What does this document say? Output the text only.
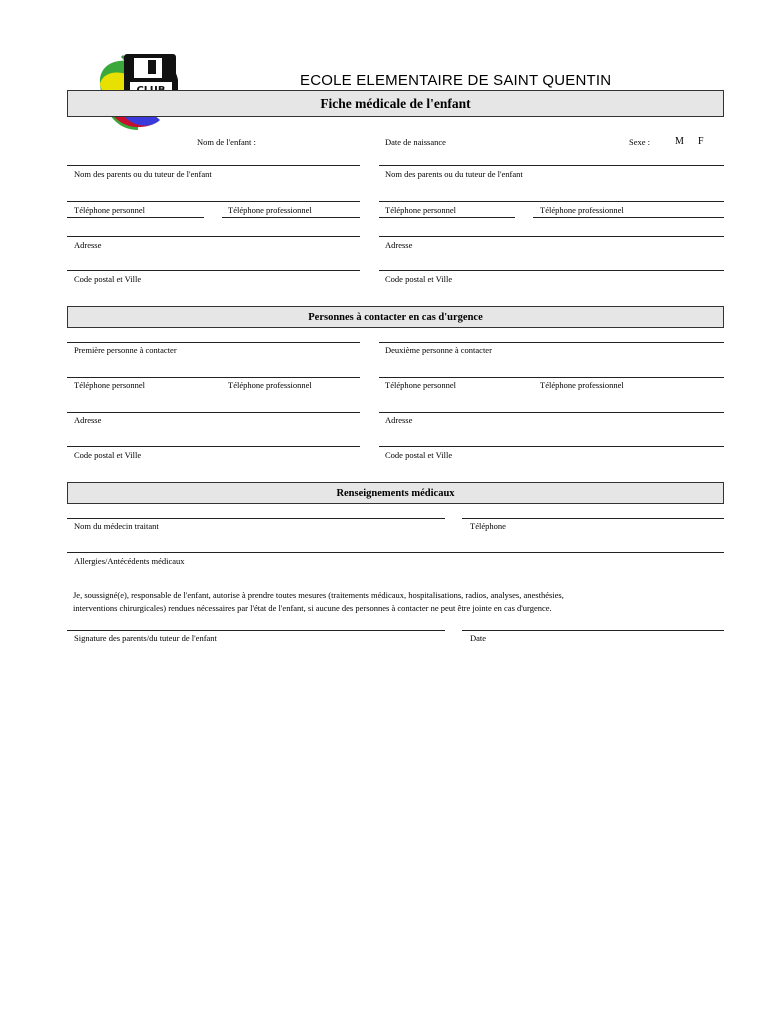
ECOLE ELEMENTAIRE DE SAINT QUENTIN
Fiche médicale de l'enfant
Nom de l'enfant :	Date de naissance	Sexe : M F
Nom des parents ou du tuteur de l'enfant	Nom des parents ou du tuteur de l'enfant
Téléphone personnel	Téléphone professionnel	Téléphone personnel	Téléphone professionnel
Adresse	Adresse
Code postal et Ville	Code postal et Ville
Personnes à contacter en cas d'urgence
Première personne à contacter	Deuxième personne à contacter
Téléphone personnel	Téléphone professionnel	Téléphone personnel	Téléphone professionnel
Adresse	Adresse
Code postal et Ville	Code postal et Ville
Renseignements médicaux
Nom du médecin traitant	Téléphone
Allergies/Antécédents médicaux
Je, soussigné(e), responsable de l'enfant, autorise à prendre toutes mesures (traitements médicaux, hospitalisations, radios, analyses, anesthésies,
interventions chirurgicales) rendues nécessaires par l'état de l'enfant, si aucune des personnes à contacter ne peut être jointe en cas d'urgence.
Signature des parents/du tuteur de l'enfant	Date
